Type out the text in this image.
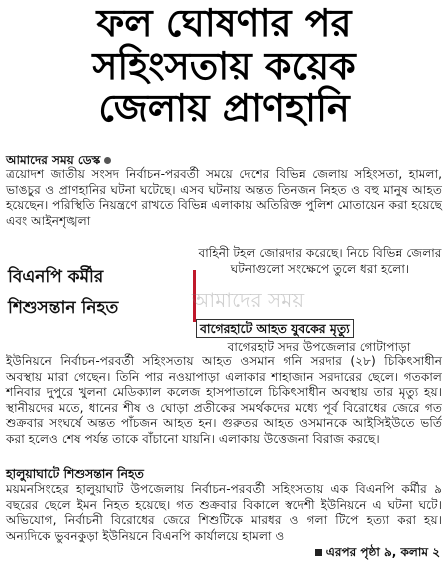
ফল ঘোষণার পর
সহিংসতায় কয়েক
জেলায় প্রাণহানি
আমাদের সময় ডেস্ক
ত্রয়োদশ জাতীয় সংসদ নির্বাচন-পরবর্তী সময়ে দেশের বিভিন্ন জেলায় সহিংসতা, হামলা, ভাঙচুর ও প্রাণহানির ঘটনা ঘটেছে। এসব ঘটনায় অন্তত তিনজন নিহত ও বহু মানুষ আহত হয়েছেন। পরিস্থিতি নিয়ন্ত্রণে রাখতে বিভিন্ন এলাকায় অতিরিক্ত পুলিশ মোতায়েন করা হয়েছে এবং আইনশৃঙ্খলা
বাহিনী টহল জোরদার করেছে। নিচে বিভিন্ন জেলার ঘটনাগুলো সংক্ষেপে তুলে ধরা হলো।
বিএনপি কর্মীর
শিশুসন্তান নিহত	আমাদের সময়
বাগেরহাটে আহত যুবকের মৃত্যু
বাগেরহাট সদর উপজেলার গোটাপাড়া
ইউনিয়নে নির্বাচন-পরবর্তী সহিংসতায় আহত ওসমান গনি সরদার (২৮) চিকিৎসাধীন অবস্থায় মারা গেছেন। তিনি পার নওয়াপাড়া এলাকার শাহাজান সরদারের ছেলে। গতকাল শনিবার দুপুরে খুলনা মেডিক্যাল কলেজ হাসপাতালে চিকিৎসাধীন অবস্থায় তার মৃত্যু হয়। স্থানীয়দের মতে, ধানের শীষ ও ঘোড়া প্রতীকের সমর্থকদের মধ্যে পূর্ব বিরোধের জেরে গত শুক্রবার সংঘর্ষে অন্তত পাঁচজন আহত হন। গুরুতর আহত ওসমানকে আইসিইউতে ভর্তি করা হলেও শেষ পর্যন্ত তাকে বাঁচানো যায়নি। এলাকায় উত্তেজনা বিরাজ করছে।
হালুয়াঘাটে শিশুসন্তান নিহত
ময়মনসিংহের হালুয়াঘাট উপজেলায় নির্বাচন-পরবর্তী সহিংসতায় এক বিএনপি কর্মীর ৯ বছরের ছেলে ইমন নিহত হয়েছে। গত শুক্রবার বিকালে স্বদেশী ইউনিয়নে এ ঘটনা ঘটে। অভিযোগ, নির্বাচনী বিরোধের জেরে শিশুটিকে মারধর ও গলা টিপে হত্যা করা হয়। অন্যদিকে ভুবনকুড়া ইউনিয়নে বিএনপি কার্যালয়ে হামলা ও
এরপর পৃষ্ঠা ৯, কলাম ২
